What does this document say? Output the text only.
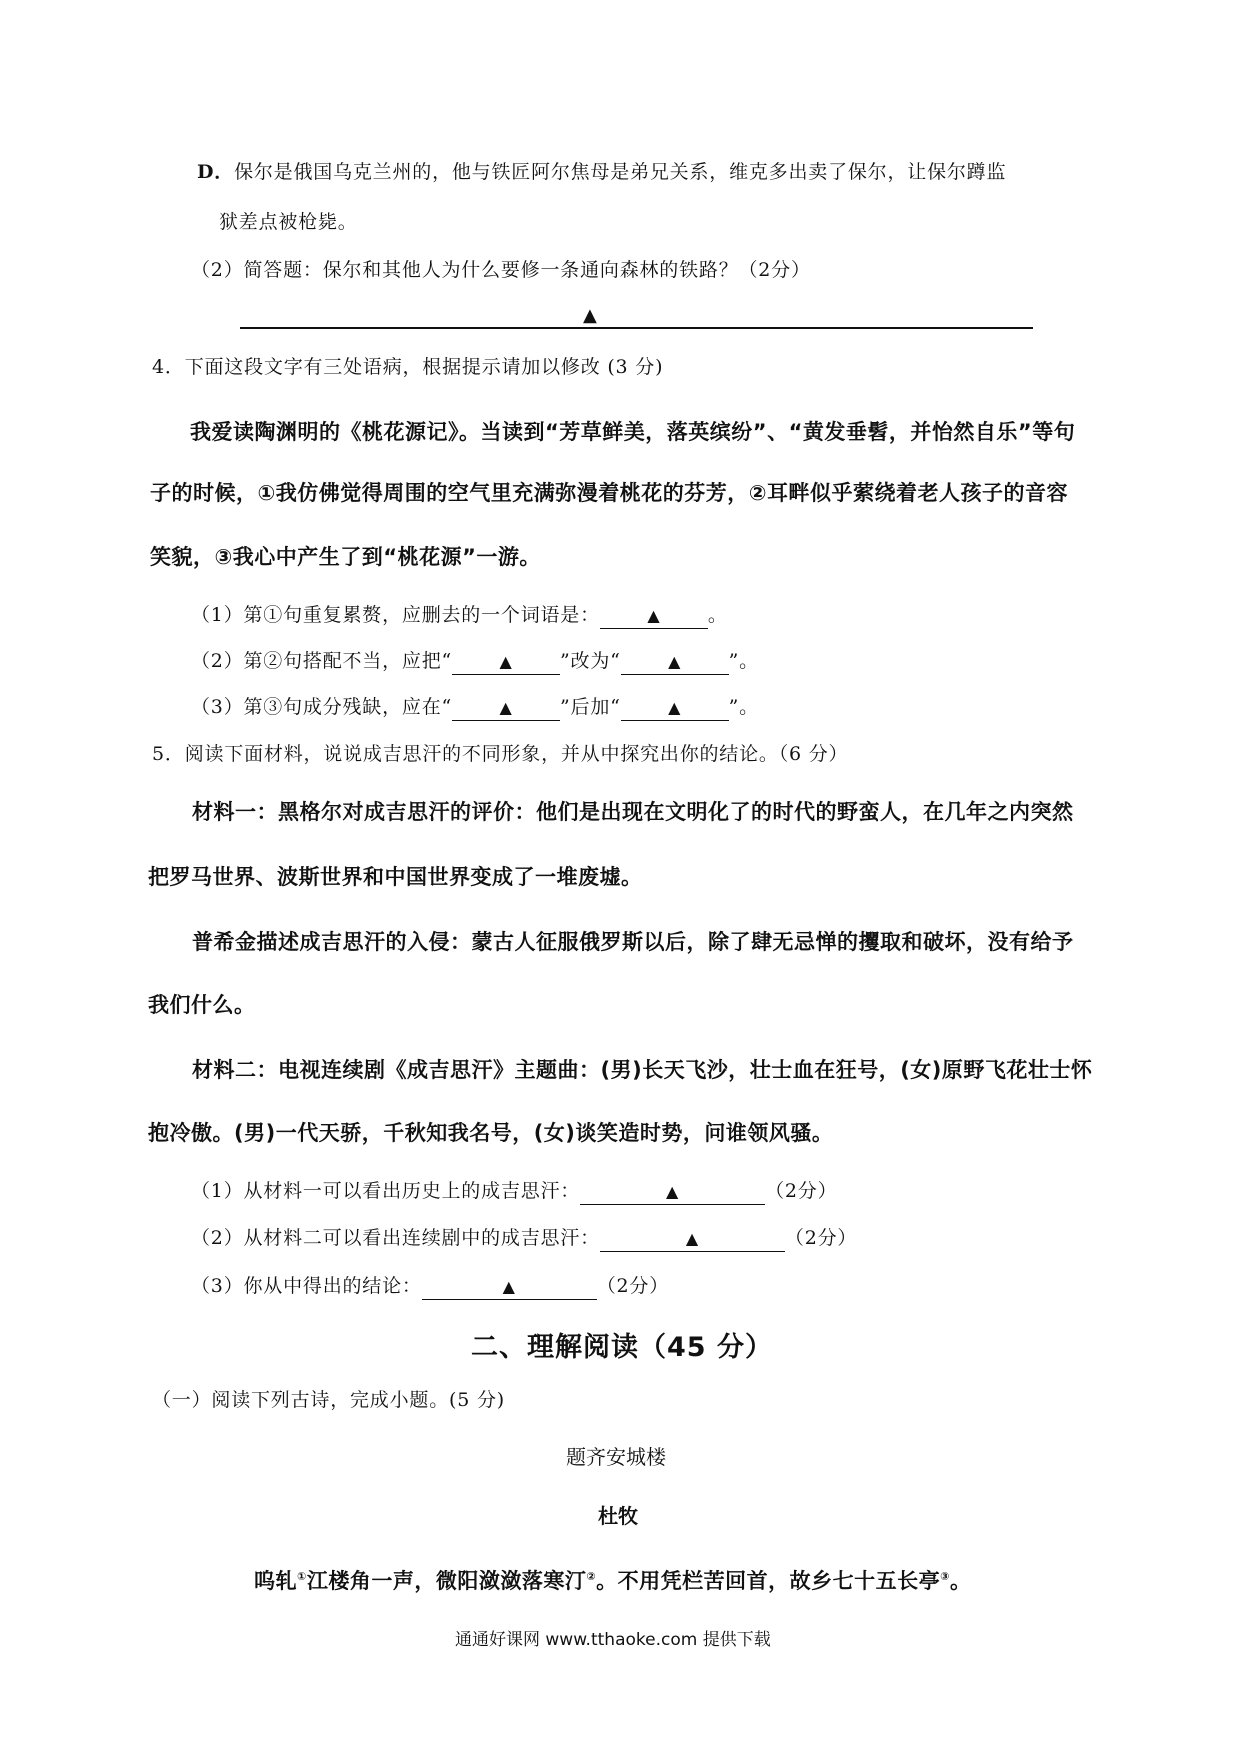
D．保尔是俄国乌克兰州的，他与铁匠阿尔焦母是弟兄关系，维克多出卖了保尔，让保尔蹲监
狱差点被枪毙。
（2）简答题：保尔和其他人为什么要修一条通向森林的铁路？（2分）
▲
4．下面这段文字有三处语病，根据提示请加以修改 (3 分)
我爱读陶渊明的《桃花源记》。当读到“芳草鲜美，落英缤纷”、“黄发垂髫，并怡然自乐”等句
子的时候，①我仿佛觉得周围的空气里充满弥漫着桃花的芬芳，②耳畔似乎萦绕着老人孩子的音容
笑貌，③我心中产生了到“桃花源”一游。
（1）第①句重复累赘，应删去的一个词语是：	▲ 。
（2）第②句搭配不当，应把“	▲ ”改为“	▲ ”。
（3）第③句成分残缺，应在“	▲ ”后加“	▲ ”。
5．阅读下面材料，说说成吉思汗的不同形象，并从中探究出你的结论。（6 分）
材料一：黑格尔对成吉思汗的评价：他们是出现在文明化了的时代的野蛮人，在几年之内突然
把罗马世界、波斯世界和中国世界变成了一堆废墟。
普希金描述成吉思汗的入侵：蒙古人征服俄罗斯以后，除了肆无忌惮的攫取和破坏，没有给予
我们什么。
材料二：电视连续剧《成吉思汗》主题曲：(男)长天飞沙，壮士血在狂号，(女)原野飞花壮士怀
抱冷傲。(男)一代天骄，千秋知我名号，(女)谈笑造时势，问谁领风骚。
（1）从材料一可以看出历史上的成吉思汗：	▲	（2分）
（2）从材料二可以看出连续剧中的成吉思汗：	▲	（2分）
（3）你从中得出的结论：	▲	（2分）
二、理解阅读（45 分）
（一）阅读下列古诗，完成小题。(5 分)
题齐安城楼
杜牧
呜轧①江楼角一声，微阳潋潋落寒汀②。不用凭栏苦回首，故乡七十五长亭③。
通通好课网 www.tthaoke.com 提供下载
